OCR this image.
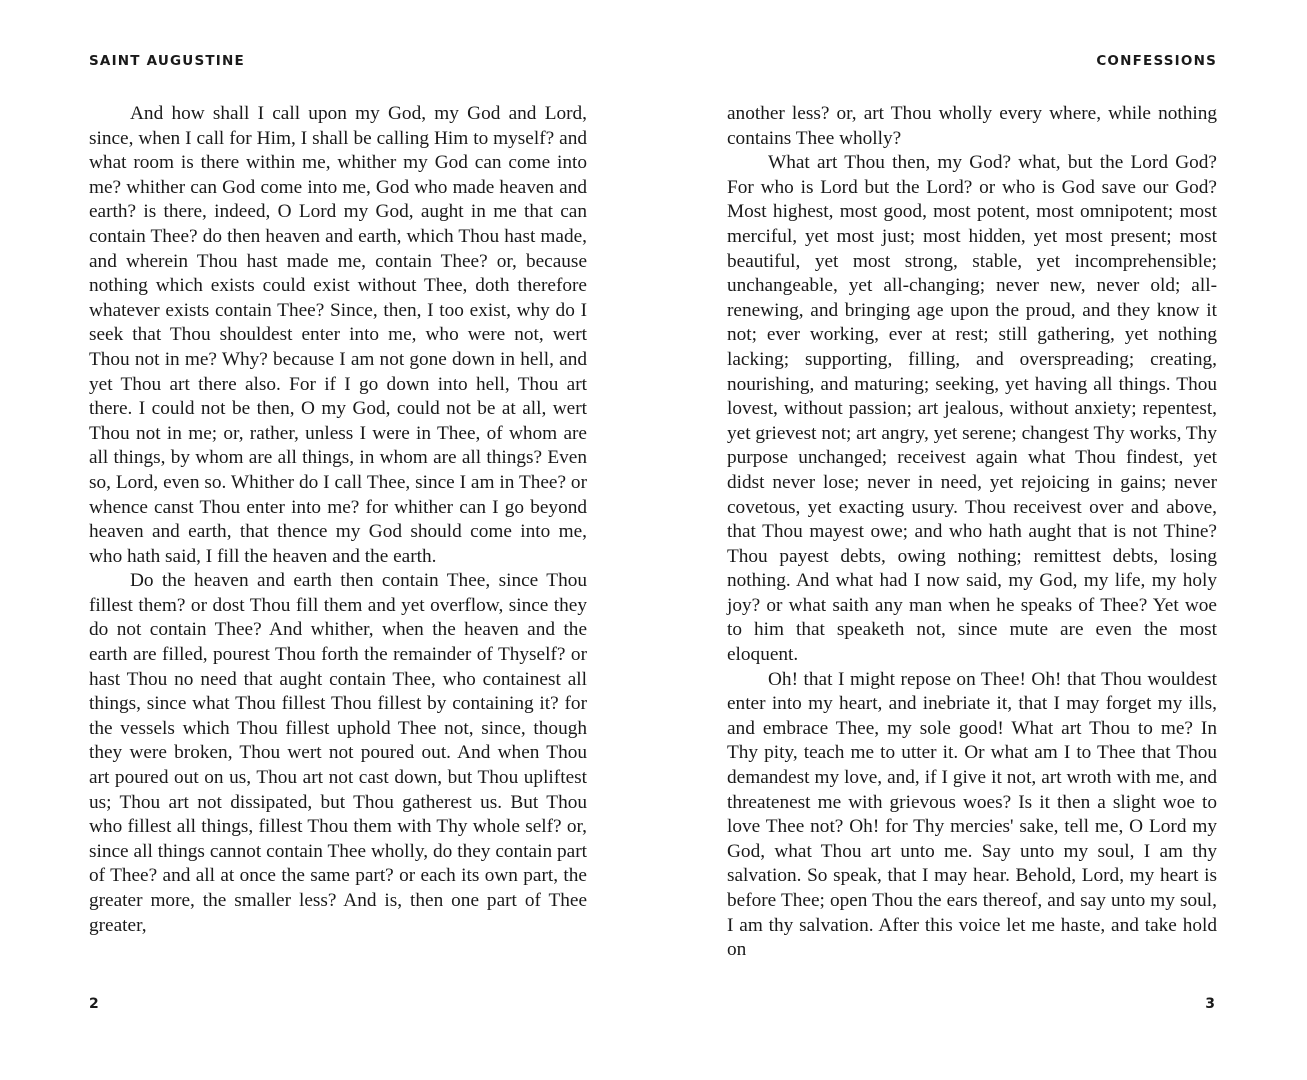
SAINT AUGUSTINE

And how shall I call upon my God, my God and Lord, since, when I call for Him, I shall be calling Him to myself? and what room is there within me, whither my God can come into me? whither can God come into me, God who made heaven and earth? is there, indeed, O Lord my God, aught in me that can contain Thee? do then heaven and earth, which Thou hast made, and wherein Thou hast made me, contain Thee? or, because nothing which exists could exist without Thee, doth therefore whatever exists contain Thee? Since, then, I too exist, why do I seek that Thou shouldest enter into me, who were not, wert Thou not in me? Why? because I am not gone down in hell, and yet Thou art there also. For if I go down into hell, Thou art there. I could not be then, O my God, could not be at all, wert Thou not in me; or, rather, unless I were in Thee, of whom are all things, by whom are all things, in whom are all things? Even so, Lord, even so. Whither do I call Thee, since I am in Thee? or whence canst Thou enter into me? for whither can I go beyond heaven and earth, that thence my God should come into me, who hath said, I fill the heaven and the earth.

Do the heaven and earth then contain Thee, since Thou fillest them? or dost Thou fill them and yet overflow, since they do not contain Thee? And whither, when the heaven and the earth are filled, pourest Thou forth the remainder of Thyself? or hast Thou no need that aught contain Thee, who containest all things, since what Thou fillest Thou fillest by containing it? for the vessels which Thou fillest uphold Thee not, since, though they were broken, Thou wert not poured out. And when Thou art poured out on us, Thou art not cast down, but Thou upliftest us; Thou art not dissipated, but Thou gatherest us. But Thou who fillest all things, fillest Thou them with Thy whole self? or, since all things cannot contain Thee wholly, do they contain part of Thee? and all at once the same part? or each its own part, the greater more, the smaller less? And is, then one part of Thee greater,

2
CONFESSIONS

another less? or, art Thou wholly every where, while nothing contains Thee wholly?

What art Thou then, my God? what, but the Lord God? For who is Lord but the Lord? or who is God save our God? Most highest, most good, most potent, most omnipotent; most merciful, yet most just; most hidden, yet most present; most beautiful, yet most strong, stable, yet incomprehensible; unchangeable, yet all-changing; never new, never old; all-renewing, and bringing age upon the proud, and they know it not; ever working, ever at rest; still gathering, yet nothing lacking; supporting, filling, and overspreading; creating, nourishing, and maturing; seeking, yet having all things. Thou lovest, without passion; art jealous, without anxiety; repentest, yet grievest not; art angry, yet serene; changest Thy works, Thy purpose unchanged; receivest again what Thou findest, yet didst never lose; never in need, yet rejoicing in gains; never covetous, yet exacting usury. Thou receivest over and above, that Thou mayest owe; and who hath aught that is not Thine? Thou payest debts, owing nothing; remittest debts, losing nothing. And what had I now said, my God, my life, my holy joy? or what saith any man when he speaks of Thee? Yet woe to him that speaketh not, since mute are even the most eloquent.

Oh! that I might repose on Thee! Oh! that Thou wouldest enter into my heart, and inebriate it, that I may forget my ills, and embrace Thee, my sole good! What art Thou to me? In Thy pity, teach me to utter it. Or what am I to Thee that Thou demandest my love, and, if I give it not, art wroth with me, and threatenest me with grievous woes? Is it then a slight woe to love Thee not? Oh! for Thy mercies' sake, tell me, O Lord my God, what Thou art unto me. Say unto my soul, I am thy salvation. So speak, that I may hear. Behold, Lord, my heart is before Thee; open Thou the ears thereof, and say unto my soul, I am thy salvation. After this voice let me haste, and take hold on

3
